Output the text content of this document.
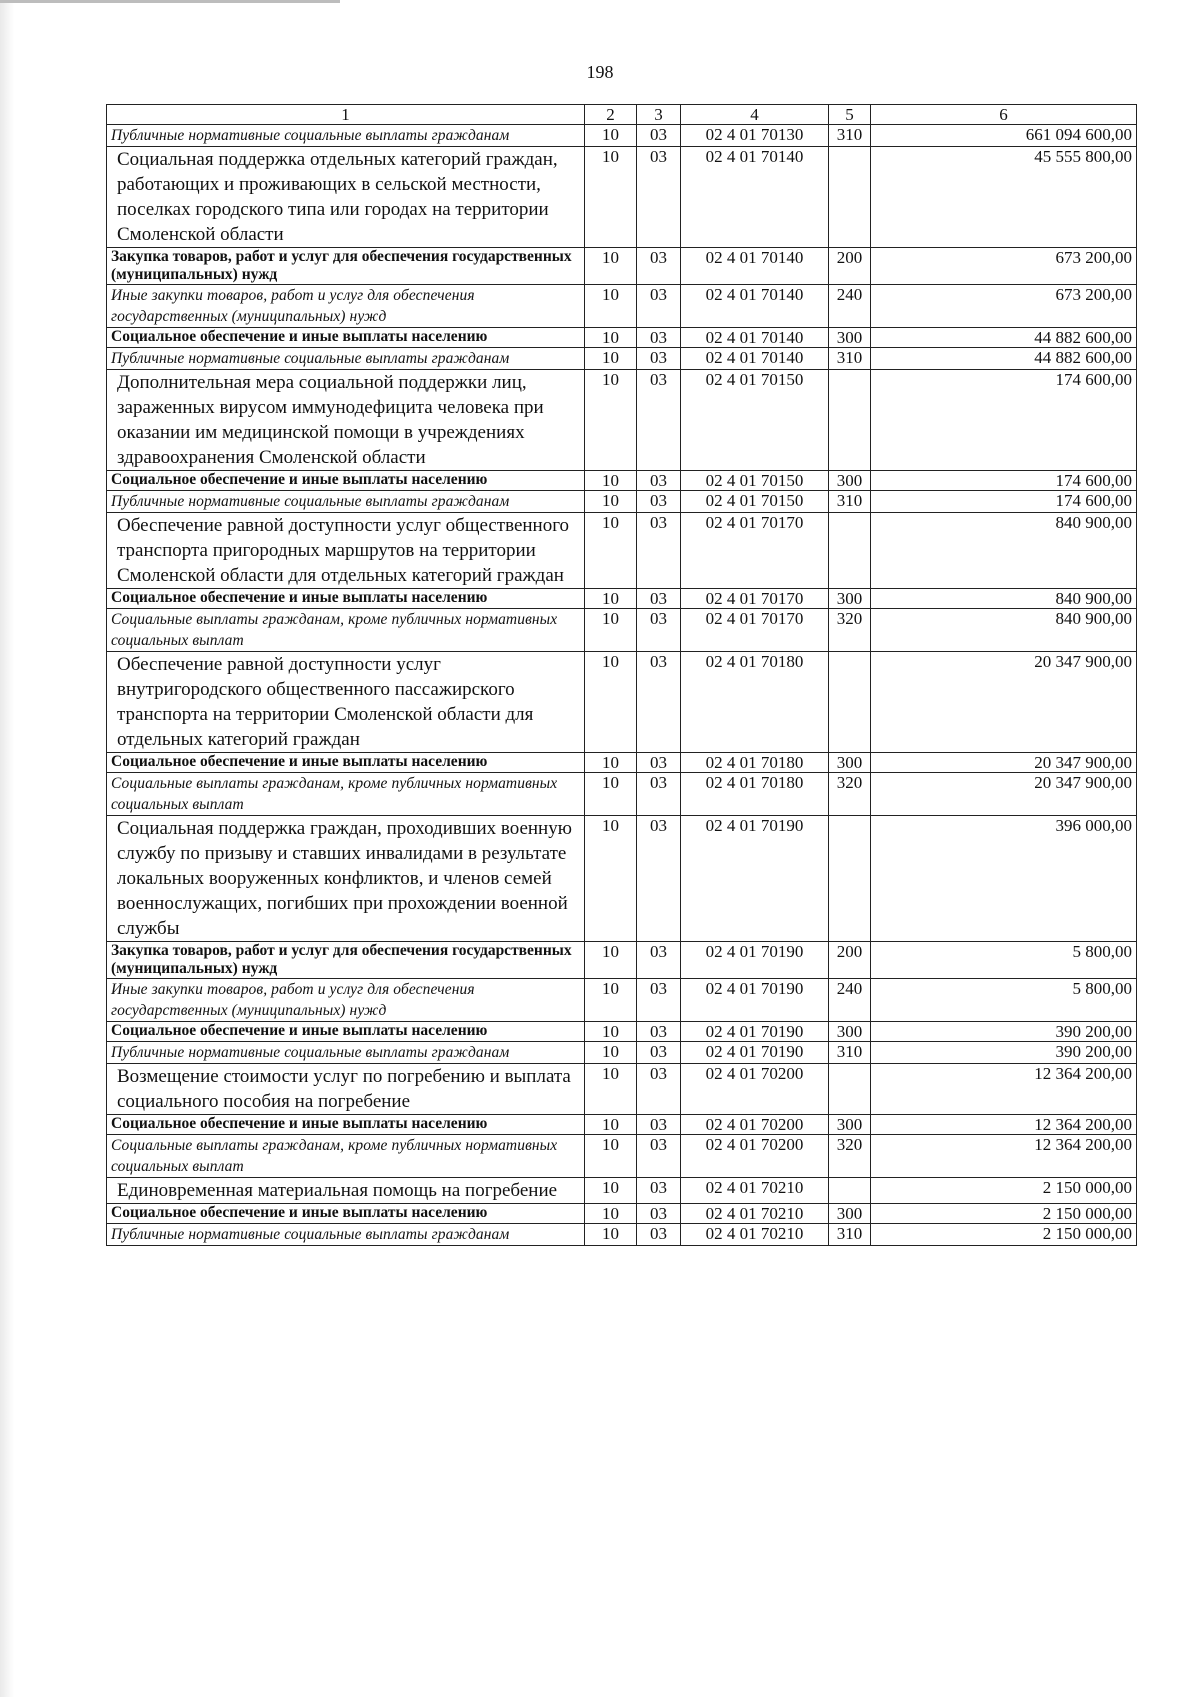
198
1	2	3	4	5	6
Публичные нормативные социальные выплаты гражданам	10	03	02 4 01 70130	310	661 094 600,00
Социальная поддержка отдельных категорий граждан, работающих и проживающих в сельской местности, поселках городского типа или городах на территории Смоленской области	10	03	02 4 01 70140		45 555 800,00
Закупка товаров, работ и услуг для обеспечения государственных (муниципальных) нужд	10	03	02 4 01 70140	200	673 200,00
Иные закупки товаров, работ и услуг для обеспечения государственных (муниципальных) нужд	10	03	02 4 01 70140	240	673 200,00
Социальное обеспечение и иные выплаты населению	10	03	02 4 01 70140	300	44 882 600,00
Публичные нормативные социальные выплаты гражданам	10	03	02 4 01 70140	310	44 882 600,00
Дополнительная мера социальной поддержки лиц, зараженных вирусом иммунодефицита человека при оказании им медицинской помощи в учреждениях здравоохранения Смоленской области	10	03	02 4 01 70150		174 600,00
Социальное обеспечение и иные выплаты населению	10	03	02 4 01 70150	300	174 600,00
Публичные нормативные социальные выплаты гражданам	10	03	02 4 01 70150	310	174 600,00
Обеспечение равной доступности услуг общественного транспорта пригородных маршрутов на территории Смоленской области для отдельных категорий граждан	10	03	02 4 01 70170		840 900,00
Социальное обеспечение и иные выплаты населению	10	03	02 4 01 70170	300	840 900,00
Социальные выплаты гражданам, кроме публичных нормативных социальных выплат	10	03	02 4 01 70170	320	840 900,00
Обеспечение равной доступности услуг внутригородского общественного пассажирского транспорта на территории Смоленской области для отдельных категорий граждан	10	03	02 4 01 70180		20 347 900,00
Социальное обеспечение и иные выплаты населению	10	03	02 4 01 70180	300	20 347 900,00
Социальные выплаты гражданам, кроме публичных нормативных социальных выплат	10	03	02 4 01 70180	320	20 347 900,00
Социальная поддержка граждан, проходивших военную службу по призыву и ставших инвалидами в результате локальных вооруженных конфликтов, и членов семей военнослужащих, погибших при прохождении военной службы	10	03	02 4 01 70190		396 000,00
Закупка товаров, работ и услуг для обеспечения государственных (муниципальных) нужд	10	03	02 4 01 70190	200	5 800,00
Иные закупки товаров, работ и услуг для обеспечения государственных (муниципальных) нужд	10	03	02 4 01 70190	240	5 800,00
Социальное обеспечение и иные выплаты населению	10	03	02 4 01 70190	300	390 200,00
Публичные нормативные социальные выплаты гражданам	10	03	02 4 01 70190	310	390 200,00
Возмещение стоимости услуг по погребению и выплата социального пособия на погребение	10	03	02 4 01 70200		12 364 200,00
Социальное обеспечение и иные выплаты населению	10	03	02 4 01 70200	300	12 364 200,00
Социальные выплаты гражданам, кроме публичных нормативных социальных выплат	10	03	02 4 01 70200	320	12 364 200,00
Единовременная материальная помощь на погребение	10	03	02 4 01 70210		2 150 000,00
Социальное обеспечение и иные выплаты населению	10	03	02 4 01 70210	300	2 150 000,00
Публичные нормативные социальные выплаты гражданам	10	03	02 4 01 70210	310	2 150 000,00
